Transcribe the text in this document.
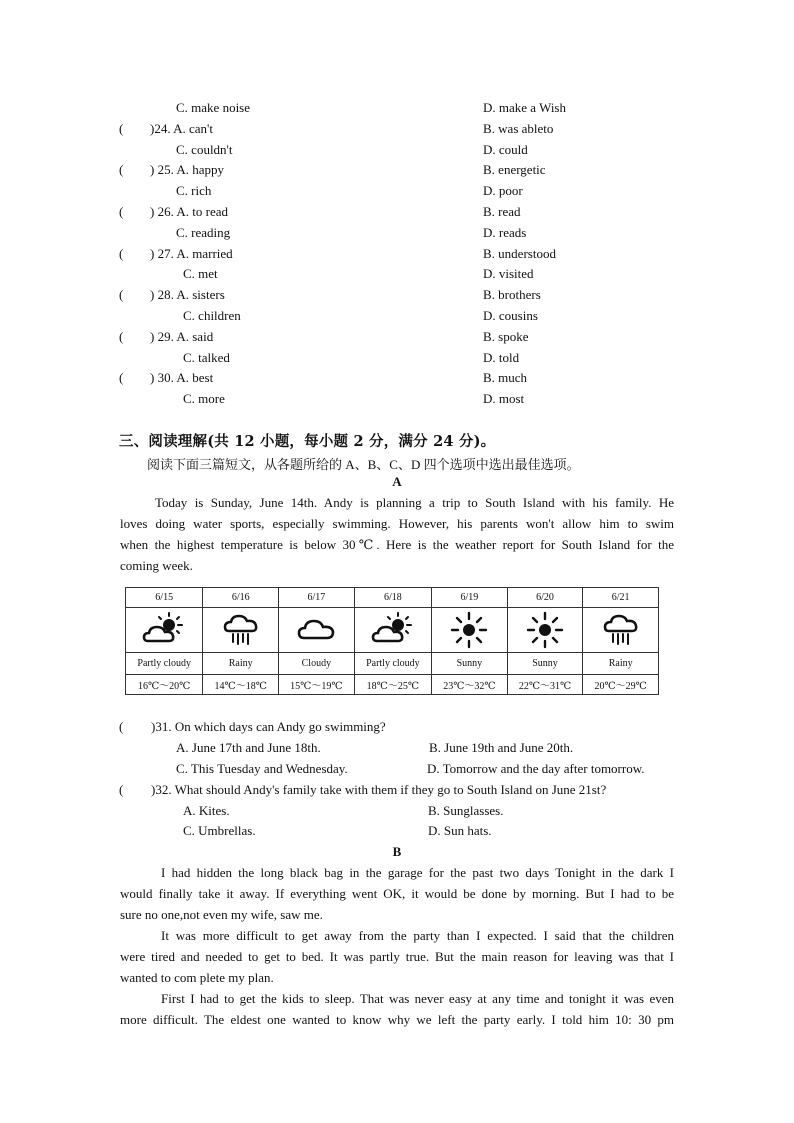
C. make noise	D. make a Wish
( )24. A. can't	B. was ableto
C. couldn't	D. could
( ) 25. A. happy	B. energetic
C. rich	D. poor
( ) 26. A. to read	B. read
C. reading	D. reads
( ) 27. A. married	B. understood
C. met	D. visited
( ) 28. A. sisters	B. brothers
C. children	D. cousins
( ) 29. A. said	B. spoke
C. talked	D. told
( ) 30. A. best	B. much
C. more	D. most
三、阅读理解(共 12 小题，每小题 2 分，满分 24 分)。
阅读下面三篇短文，从各题所给的 A、B、C、D 四个选项中选出最佳选项。
A
Today is Sunday, June 14th. Andy is planning a trip to South Island with his family. He
loves doing water sports, especially swimming. However, his parents won't allow him to swim
when the highest temperature is below 30℃. Here is the weather report for South Island for the
coming week.
6/15	6/16	6/17	6/18	6/19	6/20	6/21

Partly cloudy	Rainy	Cloudy	Partly cloudy	Sunny	Sunny	Rainy
16℃～20℃	14℃～18℃	15℃～19℃	18℃～25℃	23℃～32℃	22℃～31℃	20℃～29℃
( )31. On which days can Andy go swimming?
A. June 17th and June 18th.	B. June 19th and June 20th.
C. This Tuesday and Wednesday.	D. Tomorrow and the day after tomorrow.
( )32. What should Andy's family take with them if they go to South Island on June 21st?
A. Kites.	B. Sunglasses.
C. Umbrellas.	D. Sun hats.
B
I had hidden the long black bag in the garage for the past two days Tonight in the dark I
would finally take it away. If everything went OK, it would be done by morning. But I had to be
sure no one,not even my wife, saw me.
It was more difficult to get away from the party than I expected. I said that the children
were tired and needed to get to bed. It was partly true. But the main reason for leaving was that I
wanted to com plete my plan.
First I had to get the kids to sleep. That was never easy at any time and tonight it was even
more difficult. The eldest one wanted to know why we left the party early. I told him 10: 30 pm
